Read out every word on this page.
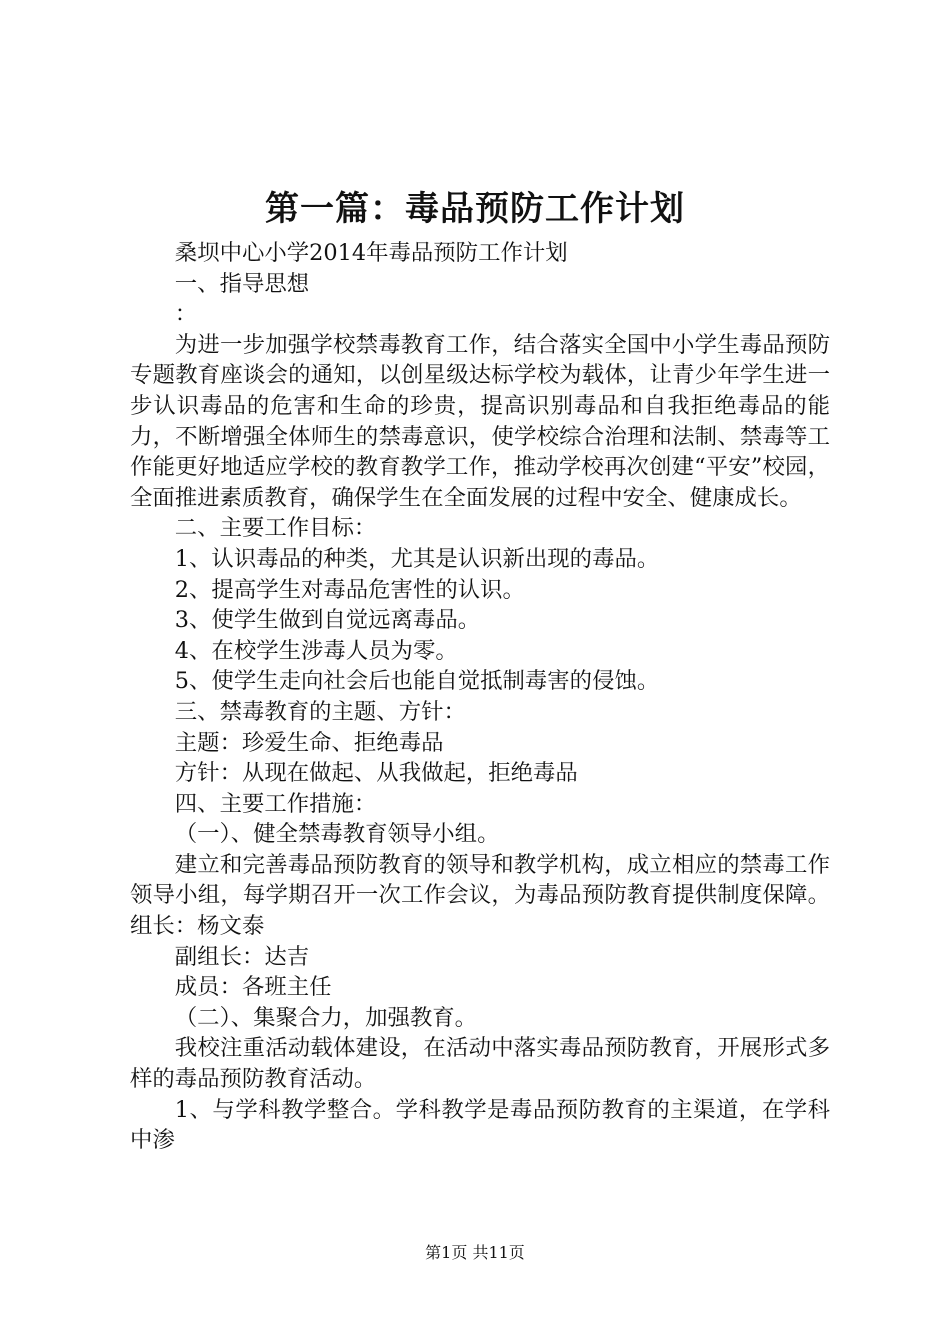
第一篇：毒品预防工作计划

桑坝中心小学2014年毒品预防工作计划

一、指导思想

：

为进一步加强学校禁毒教育工作，结合落实全国中小学生毒品预防专题教育座谈会的通知，以创星级达标学校为载体，让青少年学生进一步认识毒品的危害和生命的珍贵，提高识别毒品和自我拒绝毒品的能力，不断增强全体师生的禁毒意识，使学校综合治理和法制、禁毒等工作能更好地适应学校的教育教学工作，推动学校再次创建“平安”校园，全面推进素质教育，确保学生在全面发展的过程中安全、健康成长。

二、主要工作目标：

1、认识毒品的种类，尤其是认识新出现的毒品。

2、提高学生对毒品危害性的认识。

3、使学生做到自觉远离毒品。

4、在校学生涉毒人员为零。

5、使学生走向社会后也能自觉抵制毒害的侵蚀。

三、禁毒教育的主题、方针：

主题：珍爱生命、拒绝毒品

方针：从现在做起、从我做起，拒绝毒品

四、主要工作措施：

（一）、健全禁毒教育领导小组。

建立和完善毒品预防教育的领导和教学机构，成立相应的禁毒工作领导小组，每学期召开一次工作会议，为毒品预防教育提供制度保障。组长：杨文泰

副组长：达吉

成员：各班主任

（二）、集聚合力，加强教育。

我校注重活动载体建设，在活动中落实毒品预防教育，开展形式多样的毒品预防教育活动。

1、与学科教学整合。学科教学是毒品预防教育的主渠道，在学科中渗

第1页 共11页
